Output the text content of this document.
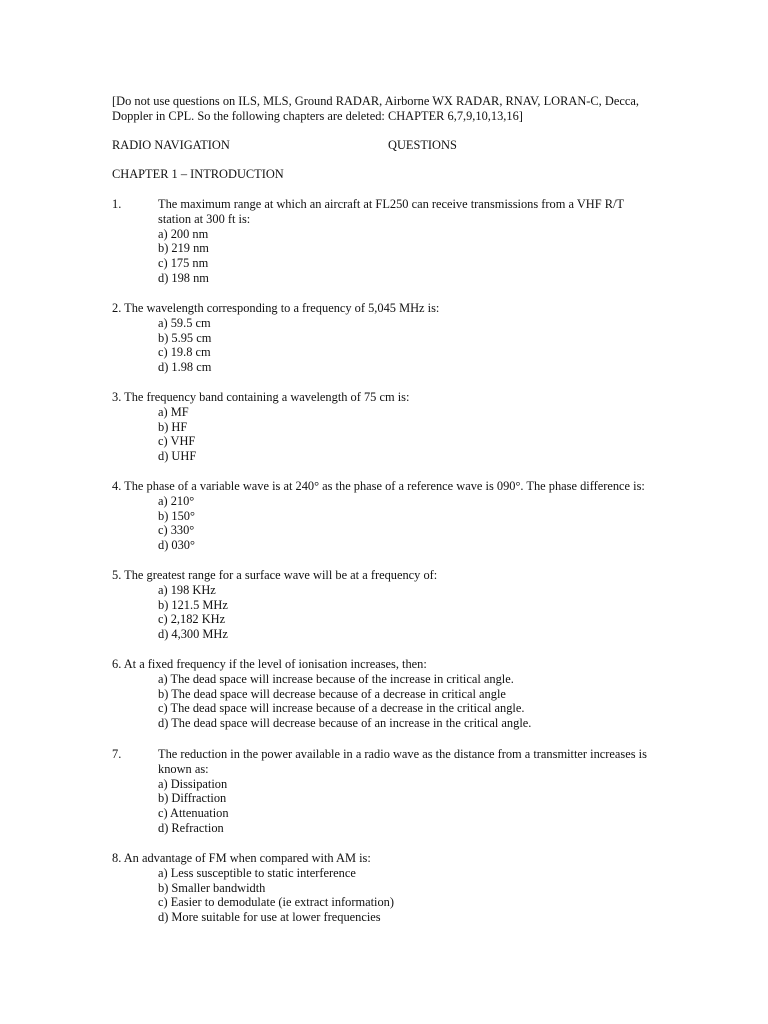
[Do not use questions on ILS, MLS, Ground RADAR, Airborne WX RADAR, RNAV, LORAN-C, Decca, Doppler in CPL. So the following chapters are deleted: CHAPTER 6,7,9,10,13,16]
RADIO NAVIGATION	QUESTIONS
CHAPTER 1 – INTRODUCTION
1.	The maximum range at which an aircraft at FL250 can receive transmissions from a VHF R/T station at 300 ft is:
a) 200 nm
b) 219 nm
c) 175 nm
d) 198 nm
2. The wavelength corresponding to a frequency of 5,045 MHz is:
a) 59.5 cm
b) 5.95 cm
c) 19.8 cm
d) 1.98 cm
3. The frequency band containing a wavelength of 75 cm is:
a) MF
b) HF
c) VHF
d) UHF
4. The phase of a variable wave is at 240° as the phase of a reference wave is 090°. The phase difference is:
a) 210°
b) 150°
c) 330°
d) 030°
5. The greatest range for a surface wave will be at a frequency of:
a) 198 KHz
b) 121.5 MHz
c) 2,182 KHz
d) 4,300 MHz
6. At a fixed frequency if the level of ionisation increases, then:
a) The dead space will increase because of the increase in critical angle.
b) The dead space will decrease because of a decrease in critical angle
c) The dead space will increase because of a decrease in the critical angle.
d) The dead space will decrease because of an increase in the critical angle.
7.	The reduction in the power available in a radio wave as the distance from a transmitter increases is known as:
a) Dissipation
b) Diffraction
c) Attenuation
d) Refraction
8. An advantage of FM when compared with AM is:
a) Less susceptible to static interference
b) Smaller bandwidth
c) Easier to demodulate (ie extract information)
d) More suitable for use at lower frequencies
